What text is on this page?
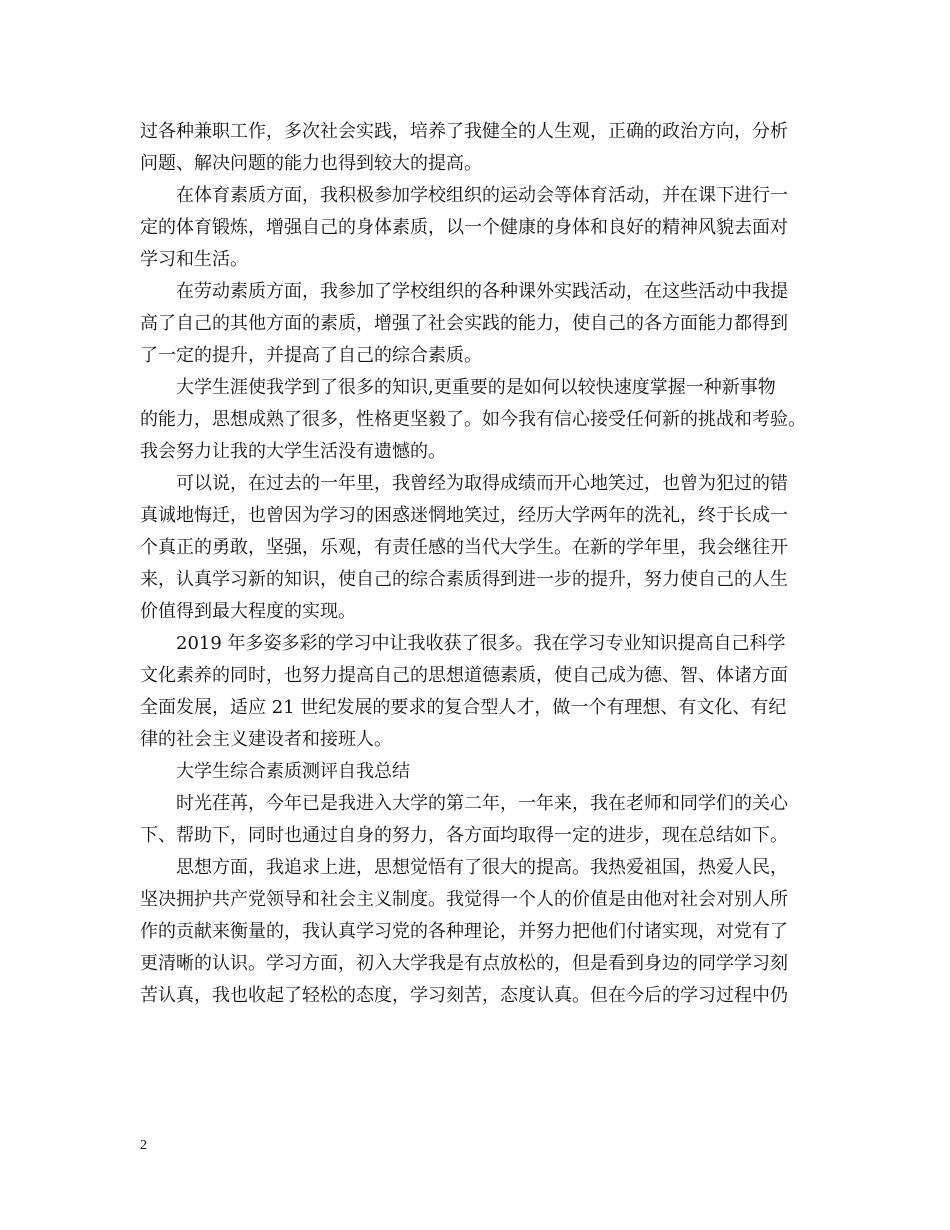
过各种兼职工作，多次社会实践，培养了我健全的人生观，正确的政治方向，分析
问题、解决问题的能力也得到较大的提高。
在体育素质方面，我积极参加学校组织的运动会等体育活动，并在课下进行一
定的体育锻炼，增强自己的身体素质，以一个健康的身体和良好的精神风貌去面对
学习和生活。
在劳动素质方面，我参加了学校组织的各种课外实践活动，在这些活动中我提
高了自己的其他方面的素质，增强了社会实践的能力，使自己的各方面能力都得到
了一定的提升，并提高了自己的综合素质。
大学生涯使我学到了很多的知识,更重要的是如何以较快速度掌握一种新事物
的能力，思想成熟了很多，性格更坚毅了。如今我有信心接受任何新的挑战和考验。
我会努力让我的大学生活没有遗憾的。
可以说，在过去的一年里，我曾经为取得成绩而开心地笑过，也曾为犯过的错
真诚地悔迁，也曾因为学习的困惑迷惘地笑过，经历大学两年的洗礼，终于长成一
个真正的勇敢，坚强，乐观，有责任感的当代大学生。在新的学年里，我会继往开
来，认真学习新的知识，使自己的综合素质得到进一步的提升，努力使自己的人生
价值得到最大程度的实现。
2019 年多姿多彩的学习中让我收获了很多。我在学习专业知识提高自己科学
文化素养的同时，也努力提高自己的思想道德素质，使自己成为德、智、体诸方面
全面发展，适应 21 世纪发展的要求的复合型人才，做一个有理想、有文化、有纪
律的社会主义建设者和接班人。
大学生综合素质测评自我总结
时光荏苒，今年已是我进入大学的第二年，一年来，我在老师和同学们的关心
下、帮助下，同时也通过自身的努力，各方面均取得一定的进步，现在总结如下。
思想方面，我追求上进，思想觉悟有了很大的提高。我热爱祖国，热爱人民，
坚决拥护共产党领导和社会主义制度。我觉得一个人的价值是由他对社会对别人所
作的贡献来衡量的，我认真学习党的各种理论，并努力把他们付诸实现，对党有了
更清晰的认识。学习方面，初入大学我是有点放松的，但是看到身边的同学学习刻
苦认真，我也收起了轻松的态度，学习刻苦，态度认真。但在今后的学习过程中仍
2
